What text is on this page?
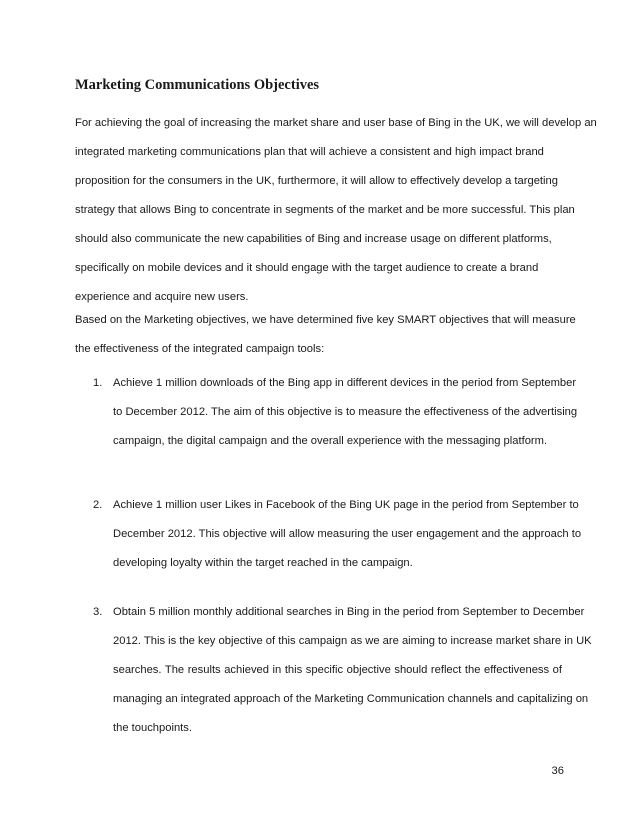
Marketing Communications Objectives
For achieving the goal of increasing the market share and user base of Bing in the UK, we will develop an
integrated marketing communications plan that will achieve a consistent and high impact brand
proposition for the consumers in the UK, furthermore, it will allow to effectively develop a targeting
strategy that allows Bing to concentrate in segments of the market and be more successful. This plan
should also communicate the new capabilities of Bing and increase usage on different platforms,
specifically on mobile devices and it should engage with the target audience to create a brand
experience and acquire new users.
Based on the Marketing objectives, we have determined five key SMART objectives that will measure
the effectiveness of the integrated campaign tools:
1. Achieve 1 million downloads of the Bing app in different devices in the period from September
to December 2012. The aim of this objective is to measure the effectiveness of the advertising
campaign, the digital campaign and the overall experience with the messaging platform.
2. Achieve 1 million user Likes in Facebook of the Bing UK page in the period from September to
December 2012. This objective will allow measuring the user engagement and the approach to
developing loyalty within the target reached in the campaign.
3. Obtain 5 million monthly additional searches in Bing in the period from September to December
2012. This is the key objective of this campaign as we are aiming to increase market share in UK
searches. The results achieved in this specific objective should reflect the effectiveness of
managing an integrated approach of the Marketing Communication channels and capitalizing on
the touchpoints.
36
